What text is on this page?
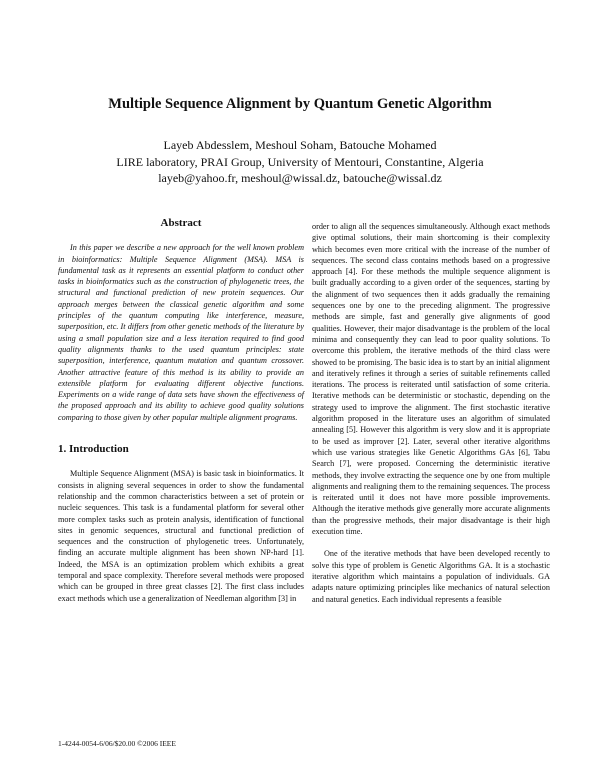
Multiple Sequence Alignment by Quantum Genetic Algorithm
Layeb Abdesslem, Meshoul Soham, Batouche Mohamed
LIRE laboratory, PRAI Group, University of Mentouri, Constantine, Algeria
layeb@yahoo.fr, meshoul@wissal.dz, batouche@wissal.dz
Abstract

In this paper we describe a new approach for the well known problem in bioinformatics: Multiple Sequence Alignment (MSA). MSA is fundamental task as it represents an essential platform to conduct other tasks in bioinformatics such as the construction of phylogenetic trees, the structural and functional prediction of new protein sequences. Our approach merges between the classical genetic algorithm and some principles of the quantum computing like interference, measure, superposition, etc. It differs from other genetic methods of the literature by using a small population size and a less iteration required to find good quality alignments thanks to the used quantum principles: state superposition, interference, quantum mutation and quantum crossover. Another attractive feature of this method is its ability to provide an extensible platform for evaluating different objective functions. Experiments on a wide range of data sets have shown the effectiveness of the proposed approach and its ability to achieve good quality solutions comparing to those given by other popular multiple alignment programs.

1. Introduction

Multiple Sequence Alignment (MSA) is basic task in bioinformatics. It consists in aligning several sequences in order to show the fundamental relationship and the common characteristics between a set of protein or nucleic sequences. This task is a fundamental platform for several other more complex tasks such as protein analysis, identification of functional sites in genomic sequences, structural and functional prediction of sequences and the construction of phylogenetic trees. Unfortunately, finding an accurate multiple alignment has been shown NP-hard [1]. Indeed, the MSA is an optimization problem which exhibits a great temporal and space complexity. Therefore several methods were proposed which can be grouped in three great classes [2]. The first class includes exact methods which use a generalization of Needleman algorithm [3] in

order to align all the sequences simultaneously. Although exact methods give optimal solutions, their main shortcoming is their complexity which becomes even more critical with the increase of the number of sequences. The second class contains methods based on a progressive approach [4]. For these methods the multiple sequence alignment is built gradually according to a given order of the sequences, starting by the alignment of two sequences then it adds gradually the remaining sequences one by one to the preceding alignment. The progressive methods are simple, fast and generally give alignments of good qualities. However, their major disadvantage is the problem of the local minima and consequently they can lead to poor quality solutions. To overcome this problem, the iterative methods of the third class were showed to be promising. The basic idea is to start by an initial alignment and iteratively refines it through a series of suitable refinements called iterations. The process is reiterated until satisfaction of some criteria. Iterative methods can be deterministic or stochastic, depending on the strategy used to improve the alignment. The first stochastic iterative algorithm proposed in the literature uses an algorithm of simulated annealing [5]. However this algorithm is very slow and it is appropriate to be used as improver [2]. Later, several other iterative algorithms which use various strategies like Genetic Algorithms GAs [6], Tabu Search [7], were proposed. Concerning the deterministic iterative methods, they involve extracting the sequence one by one from multiple alignments and realigning them to the remaining sequences. The process is reiterated until it does not have more possible improvements. Although the iterative methods give generally more accurate alignments than the progressive methods, their major disadvantage is their high execution time.

One of the iterative methods that have been developed recently to solve this type of problem is Genetic Algorithms GA. It is a stochastic iterative algorithm which maintains a population of individuals. GA adapts nature optimizing principles like mechanics of natural selection and natural genetics. Each individual represents a feasible

1-4244-0054-6/06/$20.00 ©2006 IEEE
